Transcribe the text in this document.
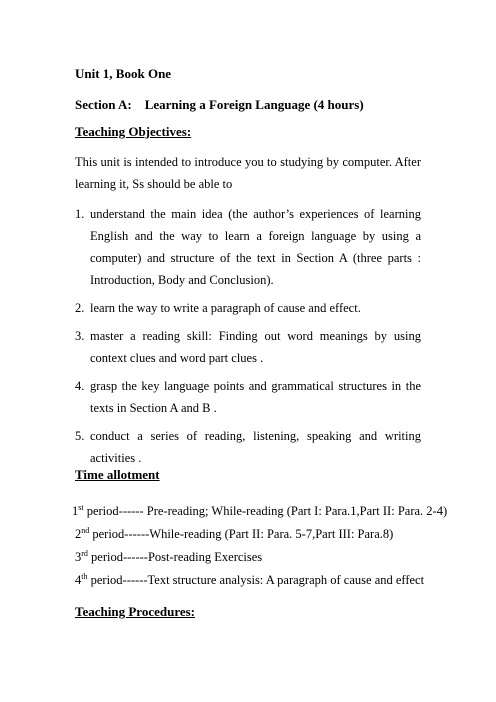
Unit 1, Book One
Section A:    Learning a Foreign Language (4 hours)
Teaching Objectives:
This unit is intended to introduce you to studying by computer. After learning it, Ss should be able to
1. understand the main idea (the author’s experiences of learning English and the way to learn a foreign language by using a computer) and structure of the text in Section A (three parts : Introduction, Body and Conclusion).
2. learn the way to write a paragraph of cause and effect.
3. master a reading skill: Finding out word meanings by using context clues and word part clues .
4. grasp the key language points and grammatical structures in the texts in Section A and B .
5. conduct a series of reading, listening, speaking and writing activities .
Time allotment
1st period------ Pre-reading; While-reading (Part I: Para.1,Part II: Para. 2-4)
2nd period------While-reading (Part II: Para. 5-7,Part III: Para.8)
3rd period------Post-reading Exercises
4th period------Text structure analysis: A paragraph of cause and effect
Teaching Procedures:
